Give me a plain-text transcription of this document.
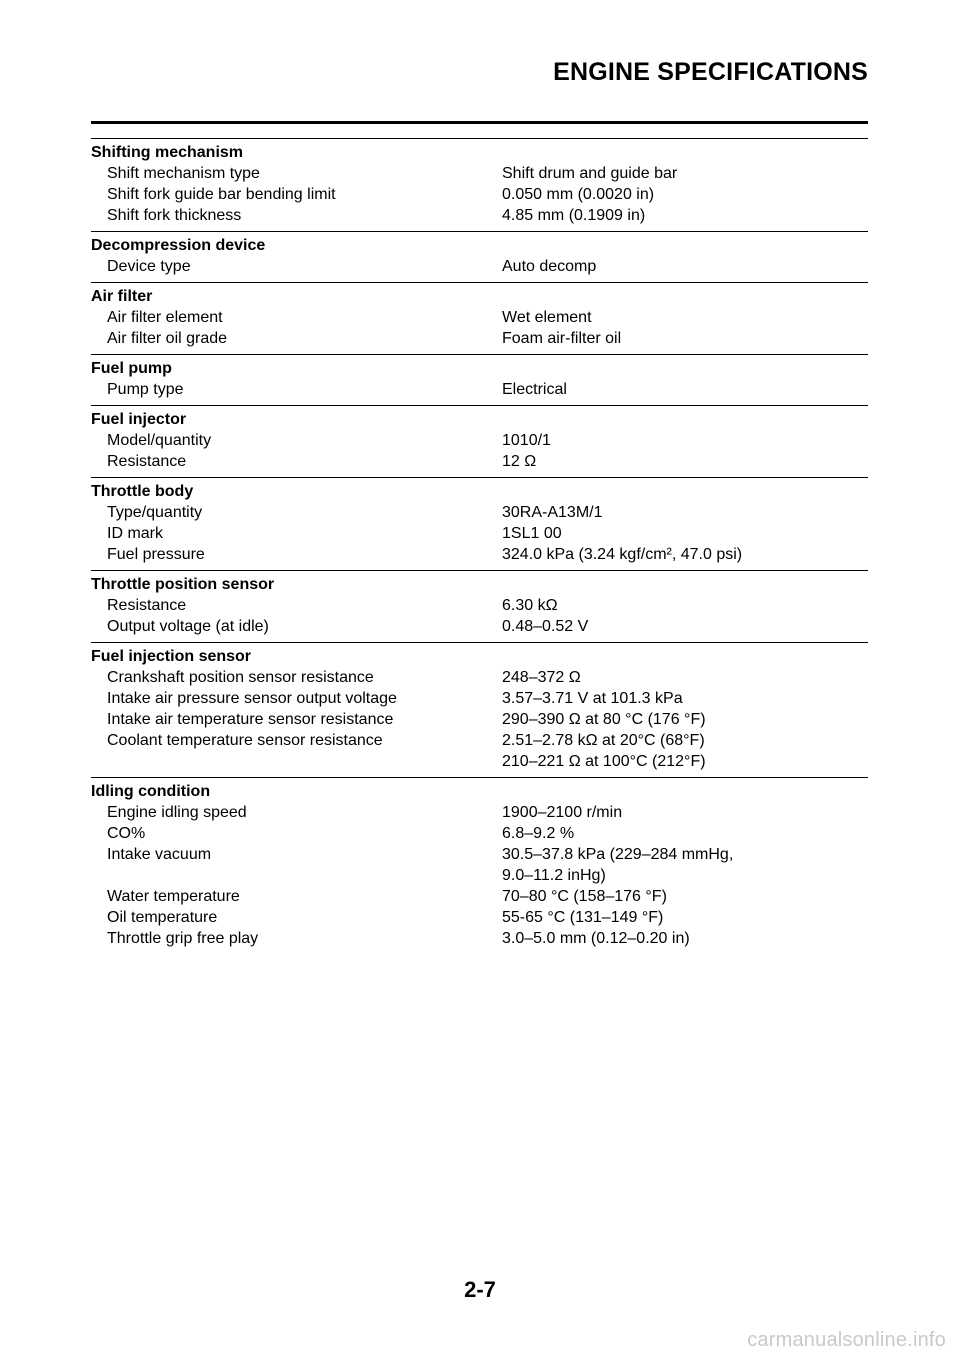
ENGINE SPECIFICATIONS
Shifting mechanism
Shift mechanism type	Shift drum and guide bar
Shift fork guide bar bending limit	0.050 mm (0.0020 in)
Shift fork thickness	4.85 mm (0.1909 in)
Decompression device
Device type	Auto decomp
Air filter
Air filter element	Wet element
Air filter oil grade	Foam air-filter oil
Fuel pump
Pump type	Electrical
Fuel injector
Model/quantity	1010/1
Resistance	12 Ω
Throttle body
Type/quantity	30RA-A13M/1
ID mark	1SL1 00
Fuel pressure	324.0 kPa (3.24 kgf/cm², 47.0 psi)
Throttle position sensor
Resistance	6.30 kΩ
Output voltage (at idle)	0.48–0.52 V
Fuel injection sensor
Crankshaft position sensor resistance	248–372 Ω
Intake air pressure sensor output voltage	3.57–3.71 V at 101.3 kPa
Intake air temperature sensor resistance	290–390 Ω at 80 °C (176 °F)
Coolant temperature sensor resistance	2.51–2.78 kΩ at 20°C (68°F)
210–221 Ω at 100°C (212°F)
Idling condition
Engine idling speed	1900–2100 r/min
CO%	6.8–9.2 %
Intake vacuum	30.5–37.8 kPa (229–284 mmHg,
9.0–11.2 inHg)
Water temperature	70–80 °C (158–176 °F)
Oil temperature	55-65 °C (131–149 °F)
Throttle grip free play	3.0–5.0 mm (0.12–0.20 in)
2-7
carmanualsonline.info
